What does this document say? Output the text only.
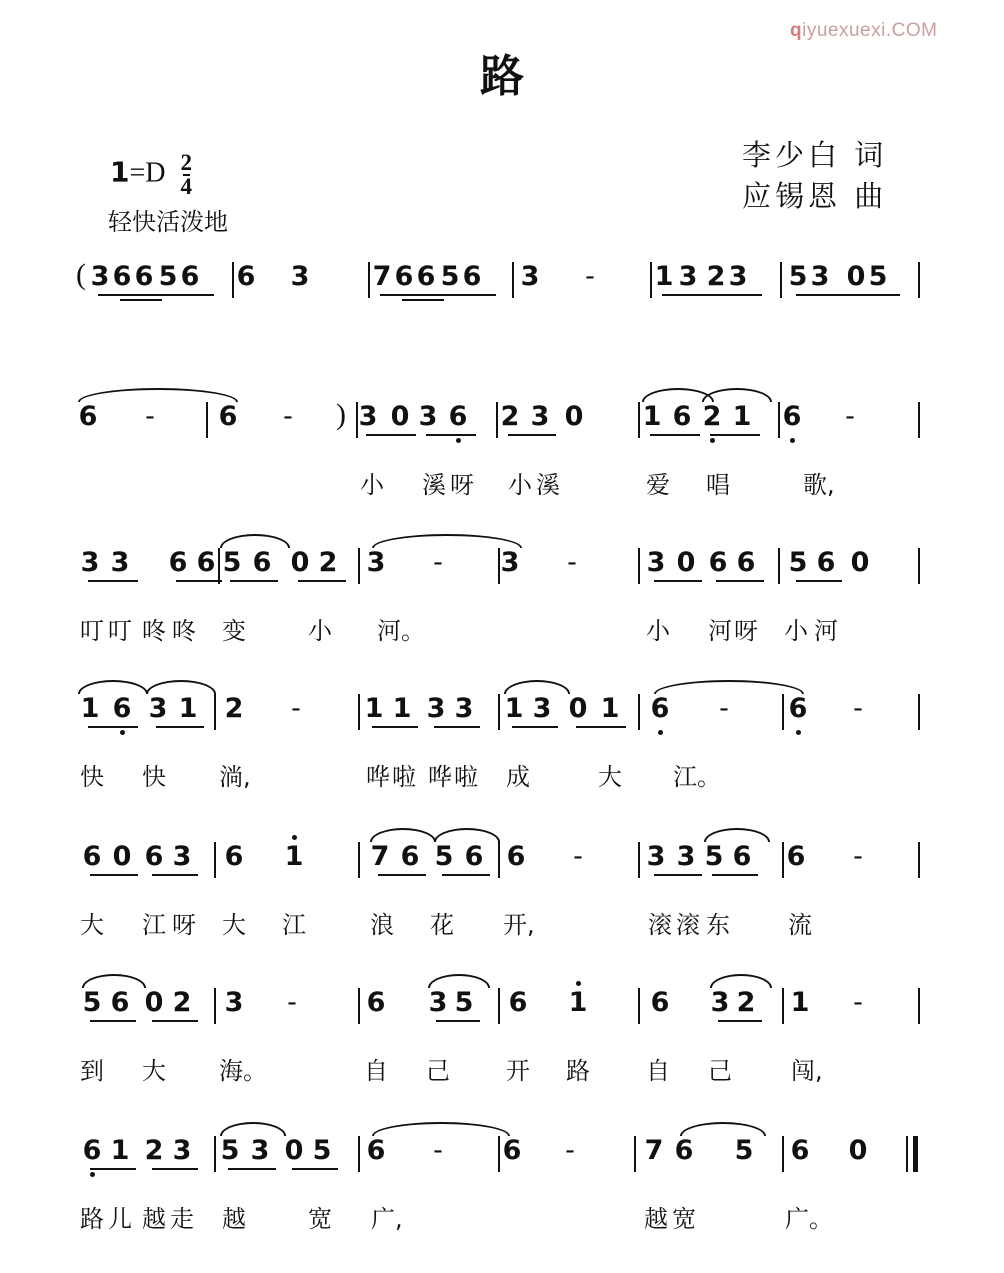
qiyuexuexi.COM
路
$1=D \frac{2}{4}$
轻快活泼地
李少白 词
应锡恩 曲
3 6 6 5 6 6 3 7 6 6 5 6 3 - 1 3 2 3 5 3 0 5
(
6 - 6 - 3 0 3 6 2 3 0 1 6 2 1 6 -
)
小 溪 呀 小 溪	爱 唱	歌,
3 3 6 6 5 6 0 2 3 - 3 -	3 0 6 6 5 6 0
叮 叮 咚 咚 变	小 河。	小 河 呀 小 河
1 6 3 1 2 - 1 1 3 3 1 3 0 1 6 - 6 -
快 快 淌,	哗 啦 哗 啦 成	大 江。
6 0 6 3 6 1 7 6 5 6 6 - 3 3 5 6 6 -
大 江 呀 大 江	浪 花 开,	滚 滚 东 流
5 6 0 2 3 -	6 3 5 6 1 6 3 2 1 -
到 大 海。	自 己 开 路 自 己 闯,
6 1 2 3 5 3 0 5 6 - 6 -	7 6 5 6 0
路 儿 越 走 越	宽 广,	越 宽	广。
